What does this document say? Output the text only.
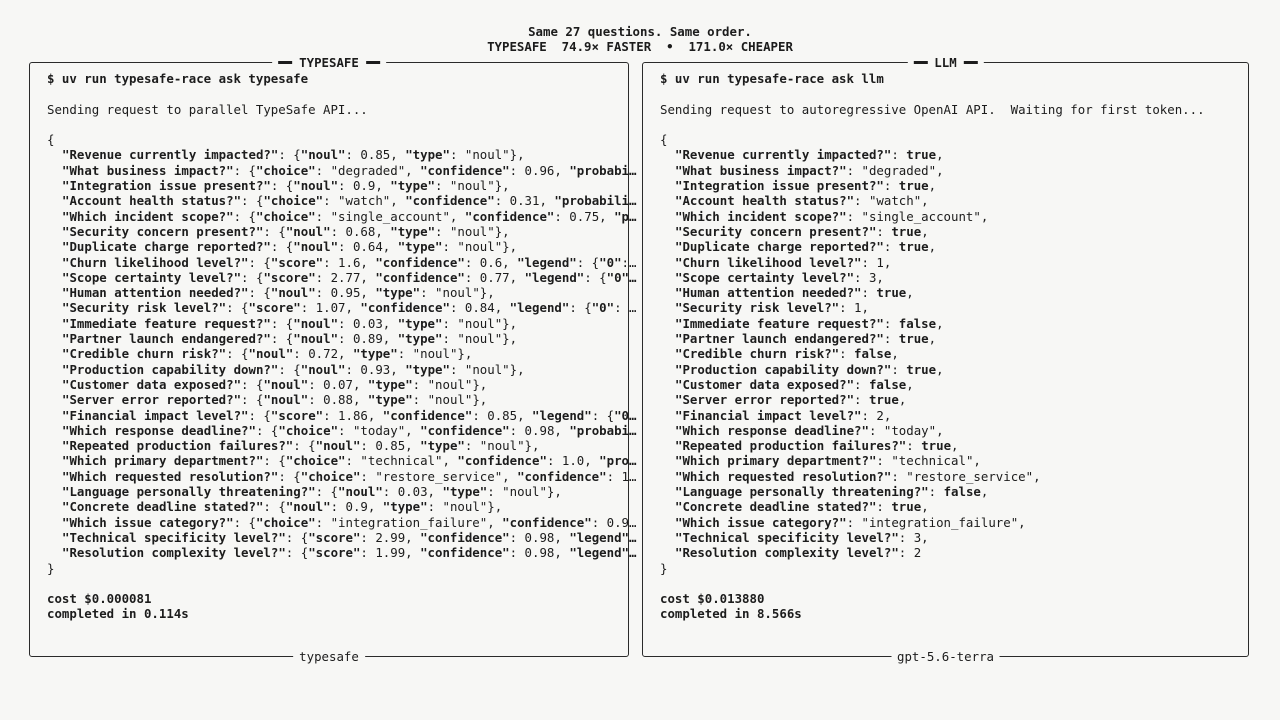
Same 27 questions. Same order.
TYPESAFE  74.9× FASTER  •  171.0× CHEAPER
TYPESAFE
$ uv run typesafe-race ask typesafe
Sending request to parallel TypeSafe API...
{
"Revenue currently impacted?": {"noul": 0.85, "type": "noul"},
"What business impact?": {"choice": "degraded", "confidence": 0.96, "probabi…
"Integration issue present?": {"noul": 0.9, "type": "noul"},
"Account health status?": {"choice": "watch", "confidence": 0.31, "probabili…
"Which incident scope?": {"choice": "single_account", "confidence": 0.75, "p…
"Security concern present?": {"noul": 0.68, "type": "noul"},
"Duplicate charge reported?": {"noul": 0.64, "type": "noul"},
"Churn likelihood level?": {"score": 1.6, "confidence": 0.6, "legend": {"0":…
"Scope certainty level?": {"score": 2.77, "confidence": 0.77, "legend": {"0"…
"Human attention needed?": {"noul": 0.95, "type": "noul"},
"Security risk level?": {"score": 1.07, "confidence": 0.84, "legend": {"0": …
"Immediate feature request?": {"noul": 0.03, "type": "noul"},
"Partner launch endangered?": {"noul": 0.89, "type": "noul"},
"Credible churn risk?": {"noul": 0.72, "type": "noul"},
"Production capability down?": {"noul": 0.93, "type": "noul"},
"Customer data exposed?": {"noul": 0.07, "type": "noul"},
"Server error reported?": {"noul": 0.88, "type": "noul"},
"Financial impact level?": {"score": 1.86, "confidence": 0.85, "legend": {"0…
"Which response deadline?": {"choice": "today", "confidence": 0.98, "probabi…
"Repeated production failures?": {"noul": 0.85, "type": "noul"},
"Which primary department?": {"choice": "technical", "confidence": 1.0, "pro…
"Which requested resolution?": {"choice": "restore_service", "confidence": 1…
"Language personally threatening?": {"noul": 0.03, "type": "noul"},
"Concrete deadline stated?": {"noul": 0.9, "type": "noul"},
"Which issue category?": {"choice": "integration_failure", "confidence": 0.9…
"Technical specificity level?": {"score": 2.99, "confidence": 0.98, "legend"…
"Resolution complexity level?": {"score": 1.99, "confidence": 0.98, "legend"…
}
cost $0.000081
completed in 0.114s
typesafe
LLM
$ uv run typesafe-race ask llm
Sending request to autoregressive OpenAI API.  Waiting for first token...
{
"Revenue currently impacted?": true,
"What business impact?": "degraded",
"Integration issue present?": true,
"Account health status?": "watch",
"Which incident scope?": "single_account",
"Security concern present?": true,
"Duplicate charge reported?": true,
"Churn likelihood level?": 1,
"Scope certainty level?": 3,
"Human attention needed?": true,
"Security risk level?": 1,
"Immediate feature request?": false,
"Partner launch endangered?": true,
"Credible churn risk?": false,
"Production capability down?": true,
"Customer data exposed?": false,
"Server error reported?": true,
"Financial impact level?": 2,
"Which response deadline?": "today",
"Repeated production failures?": true,
"Which primary department?": "technical",
"Which requested resolution?": "restore_service",
"Language personally threatening?": false,
"Concrete deadline stated?": true,
"Which issue category?": "integration_failure",
"Technical specificity level?": 3,
"Resolution complexity level?": 2
}
cost $0.013880
completed in 8.566s
gpt-5.6-terra
